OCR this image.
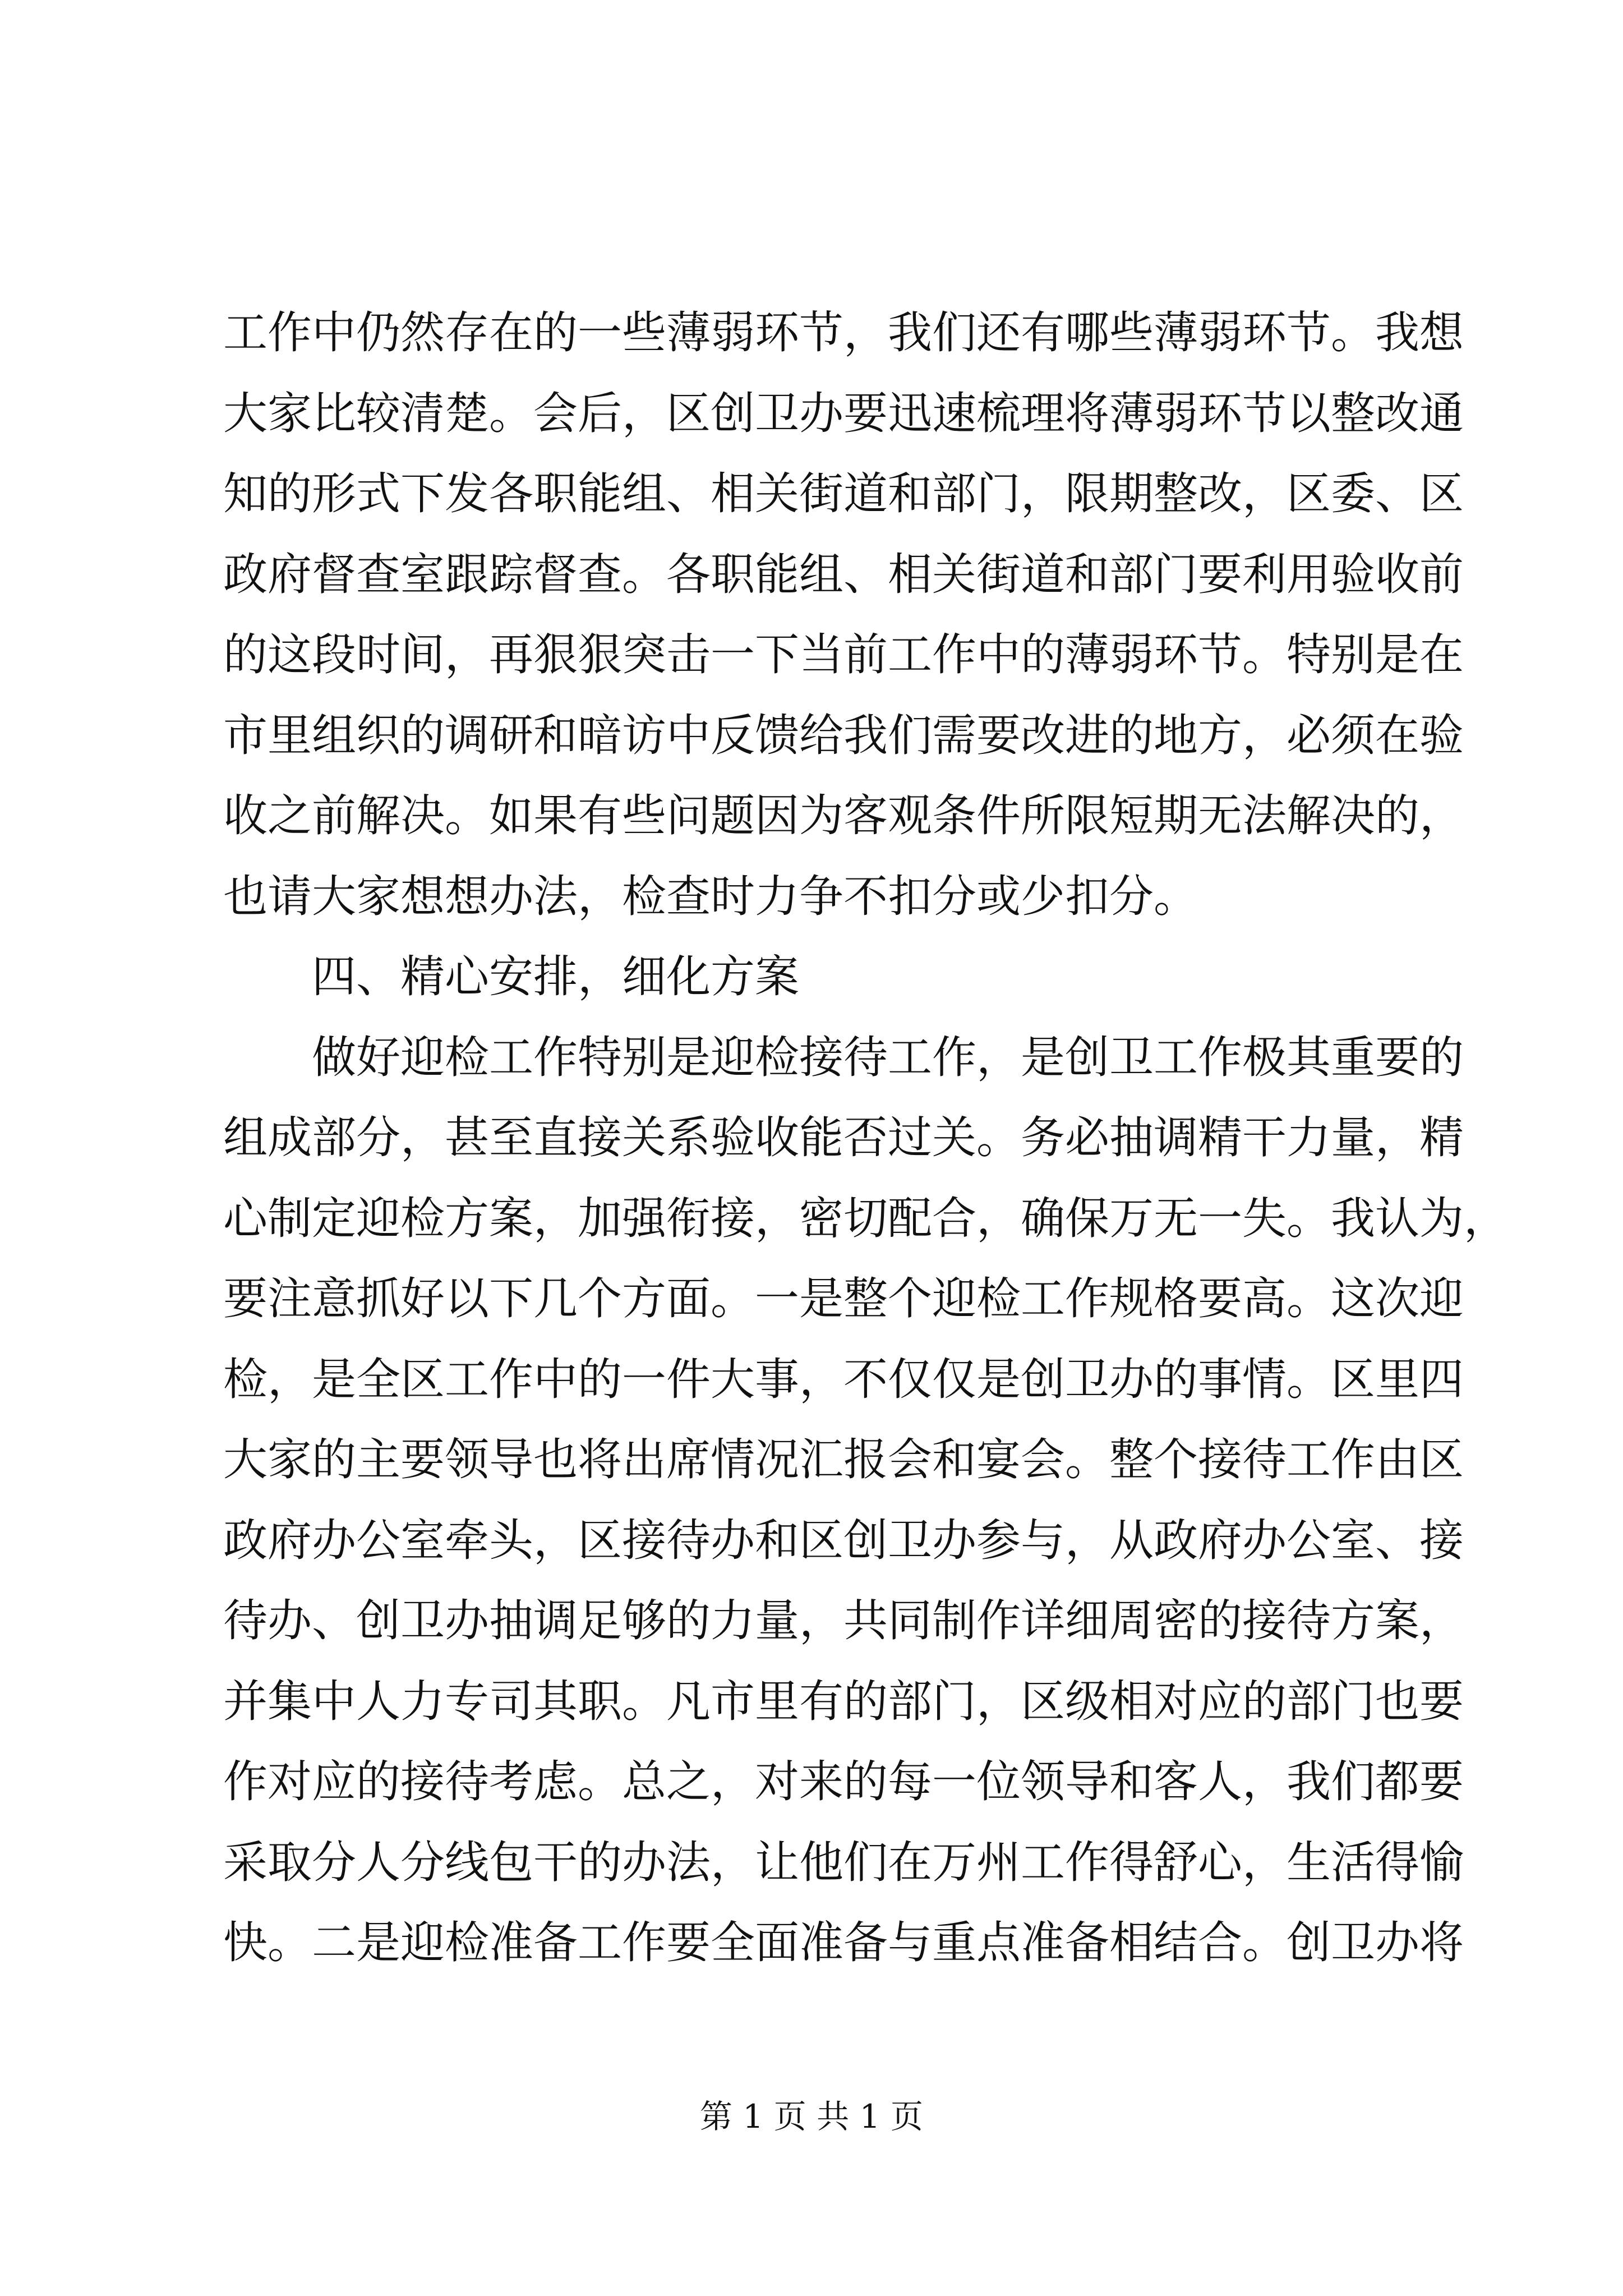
工作中仍然存在的一些薄弱环节，我们还有哪些薄弱环节。我想
大家比较清楚。会后，区创卫办要迅速梳理将薄弱环节以整改通
知的形式下发各职能组、相关街道和部门，限期整改，区委、区
政府督查室跟踪督查。各职能组、相关街道和部门要利用验收前
的这段时间，再狠狠突击一下当前工作中的薄弱环节。特别是在
市里组织的调研和暗访中反馈给我们需要改进的地方，必须在验
收之前解决。如果有些问题因为客观条件所限短期无法解决的，
也请大家想想办法，检查时力争不扣分或少扣分。
四、精心安排，细化方案
做好迎检工作特别是迎检接待工作，是创卫工作极其重要的
组成部分，甚至直接关系验收能否过关。务必抽调精干力量，精
心制定迎检方案，加强衔接，密切配合，确保万无一失。我认为，
要注意抓好以下几个方面。一是整个迎检工作规格要高。这次迎
检，是全区工作中的一件大事，不仅仅是创卫办的事情。区里四
大家的主要领导也将出席情况汇报会和宴会。整个接待工作由区
政府办公室牵头，区接待办和区创卫办参与，从政府办公室、接
待办、创卫办抽调足够的力量，共同制作详细周密的接待方案，
并集中人力专司其职。凡市里有的部门，区级相对应的部门也要
作对应的接待考虑。总之，对来的每一位领导和客人，我们都要
采取分人分线包干的办法，让他们在万州工作得舒心，生活得愉
快。二是迎检准备工作要全面准备与重点准备相结合。创卫办将
第 1 页 共 1 页
